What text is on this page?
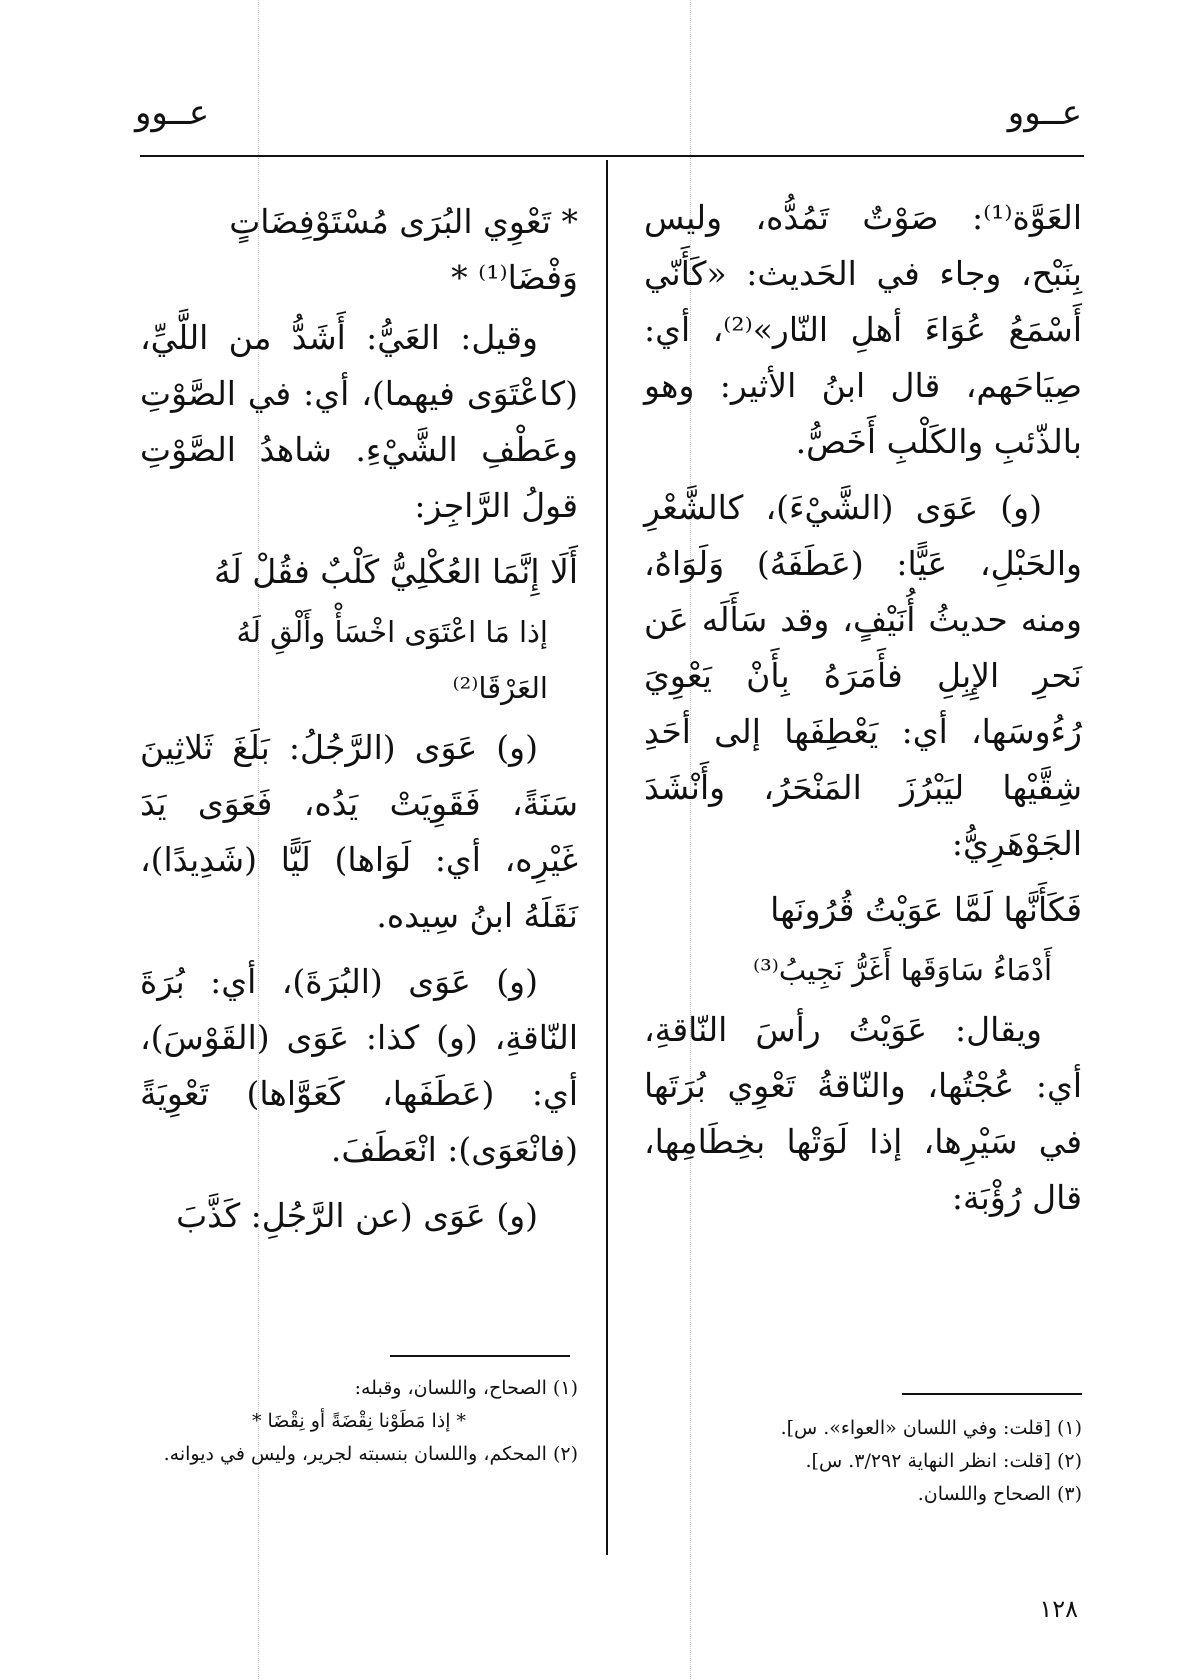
عــوو
عــوو

العَوَّة⁽¹⁾: صَوْتٌ تَمُدُّه، وليس بِنَبْح، وجاء في الحَديث: «كَأَنّي أَسْمَعُ عُوَاءَ أهلِ النّار»⁽²⁾، أي: صِيَاحَهم، قال ابنُ الأثير: وهو بالذّئبِ والكَلْبِ أَخَصُّ.

(و) عَوَى (الشَّيْءَ)، كالشَّعْرِ والحَبْلِ، عَيًّا: (عَطَفَهُ) وَلَوَاهُ، ومنه حديثُ أُنَيْفٍ، وقد سَأَلَه عَن نَحرِ الإِبِلِ فأَمَرَهُ بِأَنْ يَعْوِيَ رُءُوسَها، أي: يَعْطِفَها إلى أحَدِ شِقَّيْها ليَبْرُزَ المَنْحَرُ، وأَنْشَدَ الجَوْهَرِيُّ:

فَكَأَنَّها لَمَّا عَوَيْتُ قُرُونَها

أَدْمَاءُ سَاوَقَها أَغَرُّ نَجِيبُ⁽³⁾

ويقال: عَوَيْتُ رأسَ النّاقةِ، أي: عُجْتُها، والنّاقةُ تَعْوِي بُرَتَها في سَيْرِها، إذا لَوَتْها بخِطَامِها، قال رُؤْبَة:

* تَعْوِي البُرَى مُسْتَوْفِضَاتٍ وَفْضَا⁽¹⁾ *

وقيل: العَيُّ: أَشَدُّ من اللَّيِّ، (كاعْتَوَى فيهما)، أي: في الصَّوْتِ وعَطْفِ الشَّيْءِ. شاهدُ الصَّوْتِ قولُ الرَّاجِز:

أَلَا إِنَّمَا العُكْلِيُّ كَلْبٌ فقُلْ لَهُ

إذا مَا اعْتَوَى اخْسَأْ وأَلْقِ لَهُ العَرْقَا⁽²⁾

(و) عَوَى (الرَّجُلُ: بَلَغَ ثَلاثِينَ سَنَةً، فَقَوِيَتْ يَدُه، فَعَوَى يَدَ غَيْرِه، أي: لَوَاها) لَيًّا (شَدِيدًا)، نَقَلَهُ ابنُ سِيده.

(و) عَوَى (البُرَةَ)، أي: بُرَةَ النّاقةِ، (و) كذا: عَوَى (القَوْسَ)، أي: (عَطَفَها، كَعَوَّاها) تَعْوِيَةً (فانْعَوَى): انْعَطَفَ.

(و) عَوَى (عن الرَّجُلِ: كَذَّبَ

(١) [قلت: وفي اللسان «العواء». س].

(٢) [قلت: انظر النهاية ٣/٢٩٢. س].

(٣) الصحاح واللسان.

(١) الصحاح، واللسان، وقبله:

* إذا مَطَوْنا نِقْضَةً أو نِقْضَا *

(٢) المحكم، واللسان بنسبته لجرير، وليس في ديوانه.

١٢٨
